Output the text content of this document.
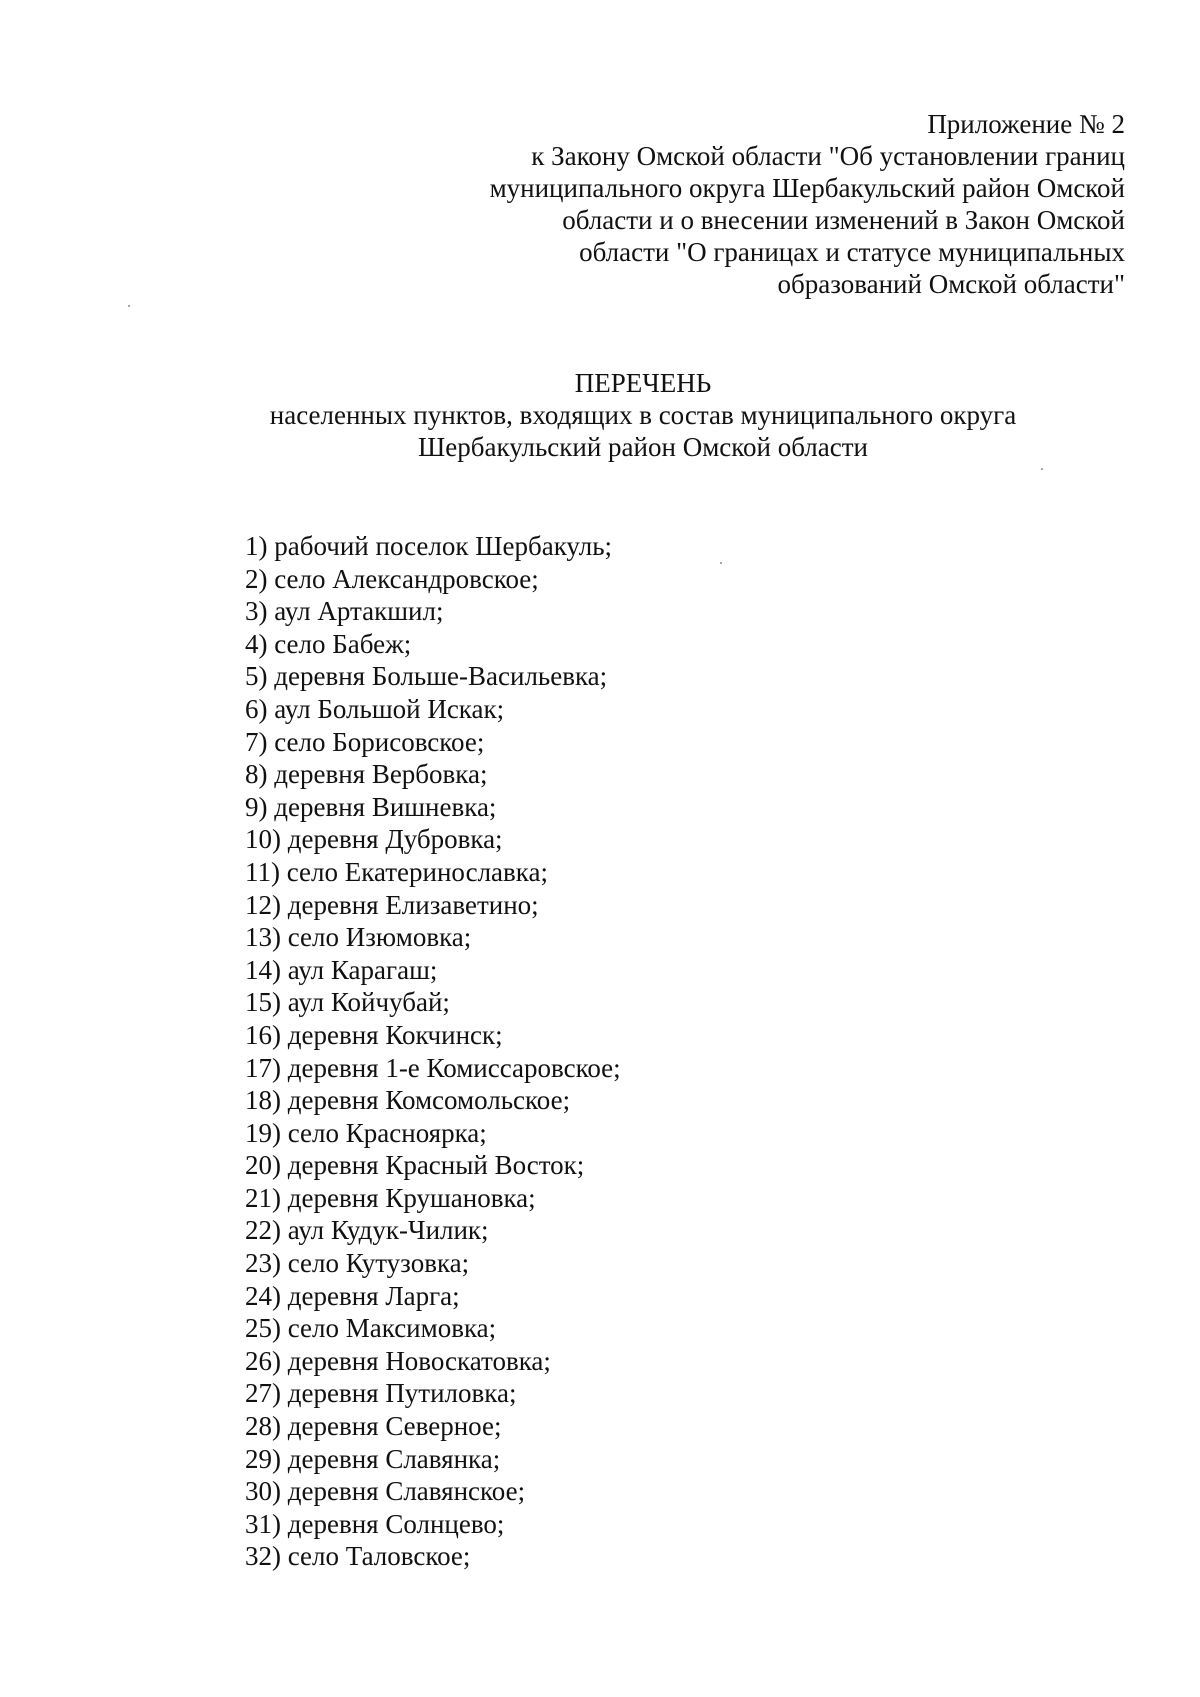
Приложение № 2
к Закону Омской области "Об установлении границ
муниципального округа Шербакульский район Омской
области и о внесении изменений в Закон Омской
области "О границах и статусе муниципальных
образований Омской области"
ПЕРЕЧЕНЬ
населенных пунктов, входящих в состав муниципального округа
Шербакульский район Омской области
1) рабочий поселок Шербакуль;
2) село Александровское;
3) аул Артакшил;
4) село Бабеж;
5) деревня Больше-Васильевка;
6) аул Большой Искак;
7) село Борисовское;
8) деревня Вербовка;
9) деревня Вишневка;
10) деревня Дубровка;
11) село Екатеринославка;
12) деревня Елизаветино;
13) село Изюмовка;
14) аул Карагаш;
15) аул Койчубай;
16) деревня Кокчинск;
17) деревня 1-е Комиссаровское;
18) деревня Комсомольское;
19) село Красноярка;
20) деревня Красный Восток;
21) деревня Крушановка;
22) аул Кудук-Чилик;
23) село Кутузовка;
24) деревня Ларга;
25) село Максимовка;
26) деревня Новоскатовка;
27) деревня Путиловка;
28) деревня Северное;
29) деревня Славянка;
30) деревня Славянское;
31) деревня Солнцево;
32) село Таловское;
